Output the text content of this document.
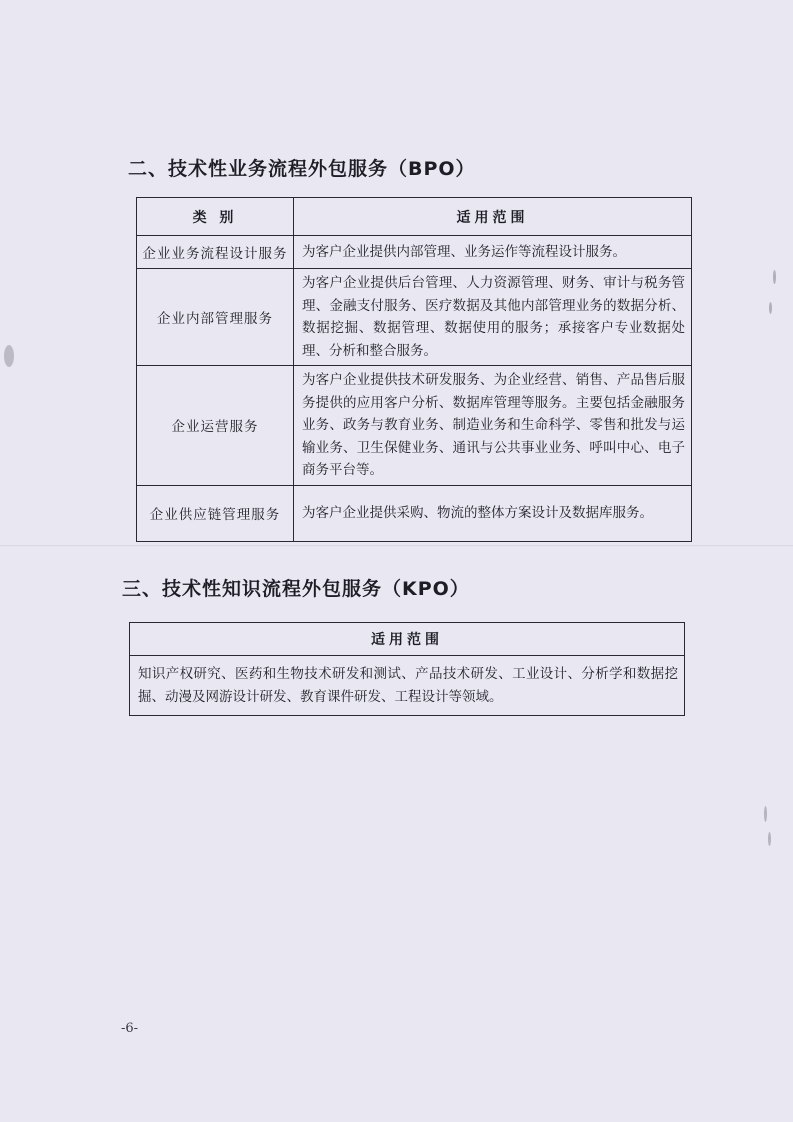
二、技术性业务流程外包服务（BPO）
类 别	适用范围
企业业务流程设计服务	为客户企业提供内部管理、业务运作等流程设计服务。
企业内部管理服务	为客户企业提供后台管理、人力资源管理、财务、审计与税务管理、金融支付服务、医疗数据及其他内部管理业务的数据分析、数据挖掘、数据管理、数据使用的服务；承接客户专业数据处理、分析和整合服务。
企业运营服务	为客户企业提供技术研发服务、为企业经营、销售、产品售后服务提供的应用客户分析、数据库管理等服务。主要包括金融服务业务、政务与教育业务、制造业务和生命科学、零售和批发与运输业务、卫生保健业务、通讯与公共事业业务、呼叫中心、电子商务平台等。
企业供应链管理服务	为客户企业提供采购、物流的整体方案设计及数据库服务。
三、技术性知识流程外包服务（KPO）
适用范围
知识产权研究、医药和生物技术研发和测试、产品技术研发、工业设计、分析学和数据挖掘、动漫及网游设计研发、教育课件研发、工程设计等领域。
-6-
